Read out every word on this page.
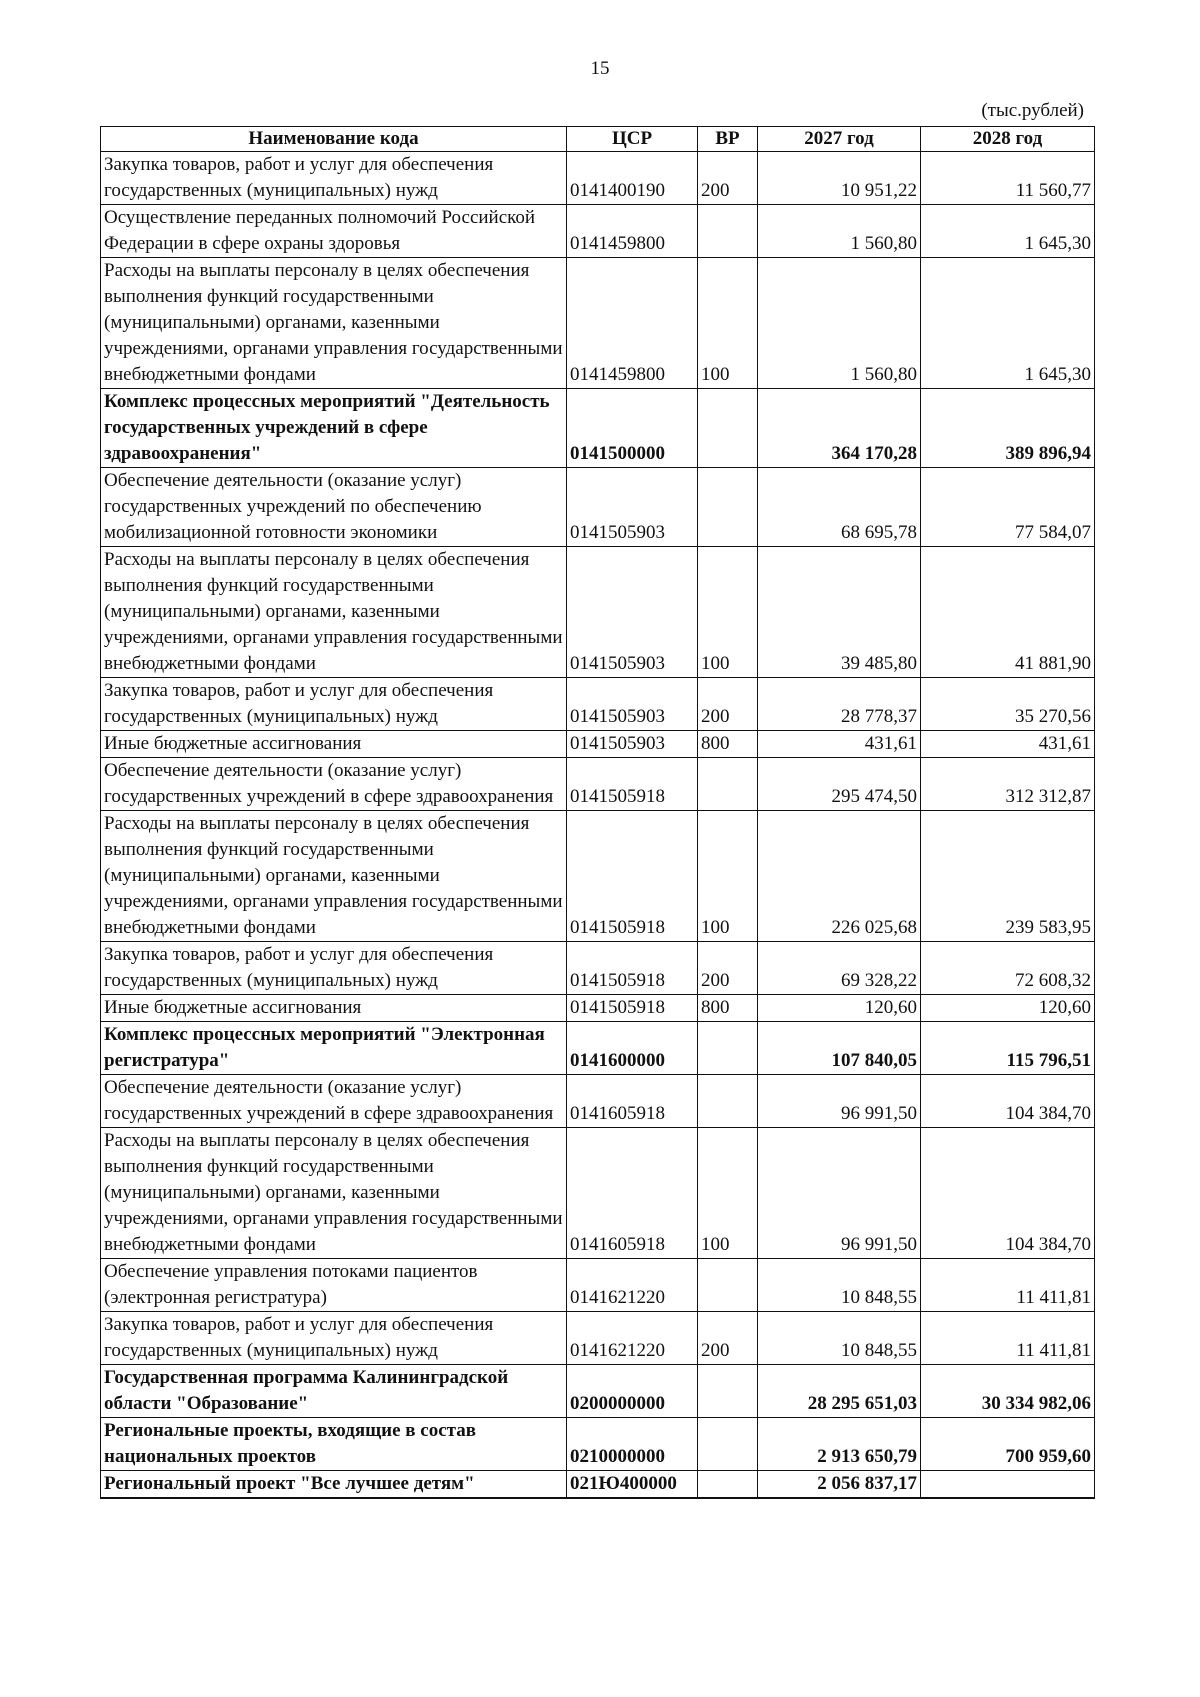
15
(тыс.рублей)
Наименование кода	ЦСР	ВР	2027 год	2028 год
Закупка товаров, работ и услуг для обеспечения государственных (муниципальных) нужд	0141400190	200	10 951,22	11 560,77
Осуществление переданных полномочий Российской Федерации в сфере охраны здоровья	0141459800		1 560,80	1 645,30
Расходы на выплаты персоналу в целях обеспечения выполнения функций государственными (муниципальными) органами, казенными учреждениями, органами управления государственными внебюджетными фондами	0141459800	100	1 560,80	1 645,30
Комплекс процессных мероприятий "Деятельность государственных учреждений в сфере здравоохранения"	0141500000		364 170,28	389 896,94
Обеспечение деятельности (оказание услуг) государственных учреждений по обеспечению мобилизационной готовности экономики	0141505903		68 695,78	77 584,07
Расходы на выплаты персоналу в целях обеспечения выполнения функций государственными (муниципальными) органами, казенными учреждениями, органами управления государственными внебюджетными фондами	0141505903	100	39 485,80	41 881,90
Закупка товаров, работ и услуг для обеспечения государственных (муниципальных) нужд	0141505903	200	28 778,37	35 270,56
Иные бюджетные ассигнования	0141505903	800	431,61	431,61
Обеспечение деятельности (оказание услуг) государственных учреждений в сфере здравоохранения	0141505918		295 474,50	312 312,87
Расходы на выплаты персоналу в целях обеспечения выполнения функций государственными (муниципальными) органами, казенными учреждениями, органами управления государственными внебюджетными фондами	0141505918	100	226 025,68	239 583,95
Закупка товаров, работ и услуг для обеспечения государственных (муниципальных) нужд	0141505918	200	69 328,22	72 608,32
Иные бюджетные ассигнования	0141505918	800	120,60	120,60
Комплекс процессных мероприятий "Электронная регистратура"	0141600000		107 840,05	115 796,51
Обеспечение деятельности (оказание услуг) государственных учреждений в сфере здравоохранения	0141605918		96 991,50	104 384,70
Расходы на выплаты персоналу в целях обеспечения выполнения функций государственными (муниципальными) органами, казенными учреждениями, органами управления государственными внебюджетными фондами	0141605918	100	96 991,50	104 384,70
Обеспечение управления потоками пациентов (электронная регистратура)	0141621220		10 848,55	11 411,81
Закупка товаров, работ и услуг для обеспечения государственных (муниципальных) нужд	0141621220	200	10 848,55	11 411,81
Государственная программа Калининградской области "Образование"	0200000000		28 295 651,03	30 334 982,06
Региональные проекты, входящие в состав национальных проектов	0210000000		2 913 650,79	700 959,60
Региональный проект "Все лучшее детям"	021Ю400000		2 056 837,17	
